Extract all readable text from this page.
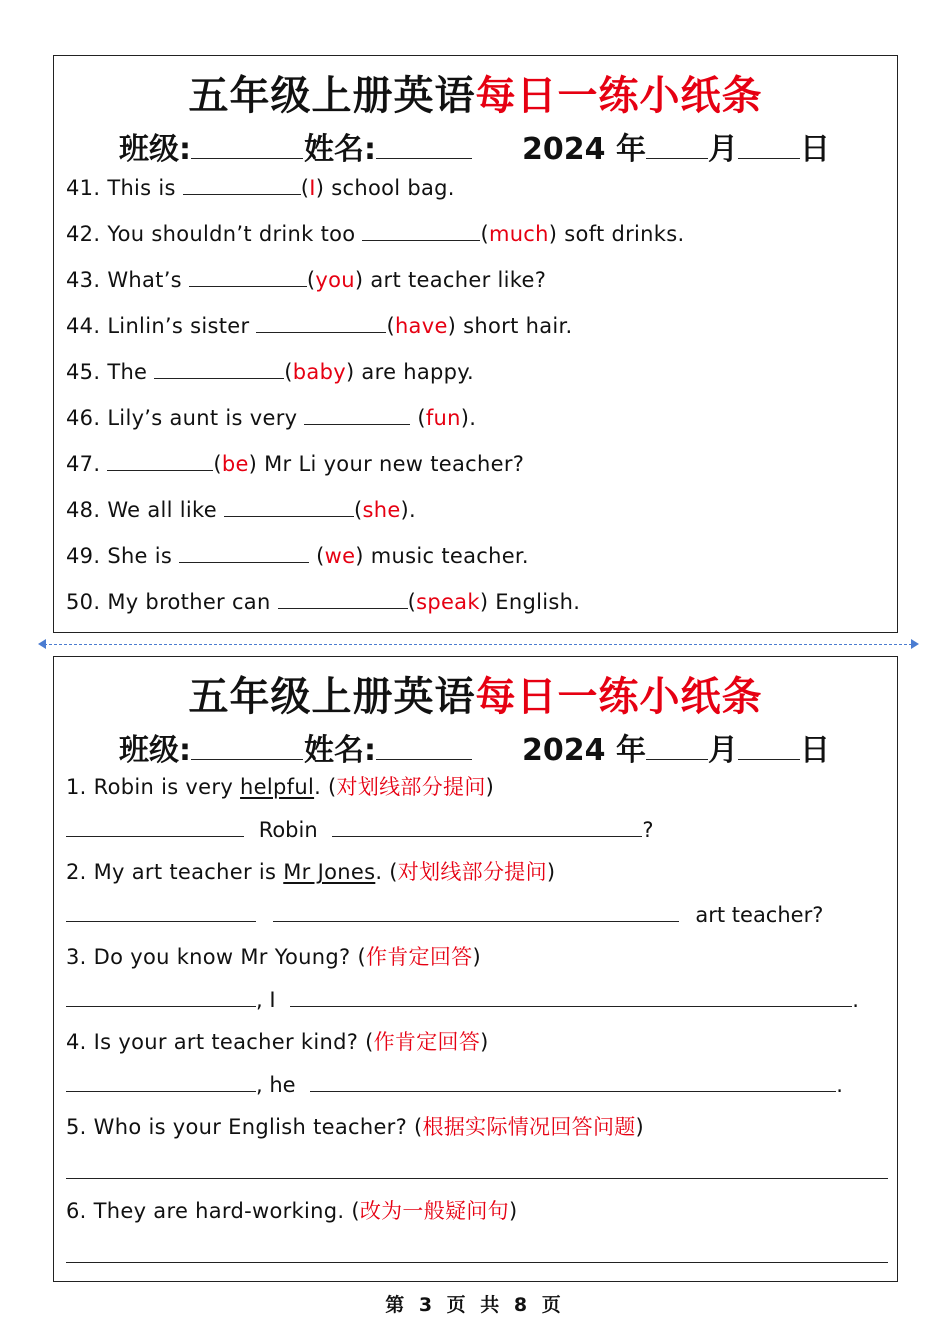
五年级上册英语每日一练小纸条
班级:	姓名:	2024 年 月 日
41. This is	(I) school bag.
42. You shouldn’t drink too	(much) soft drinks.
43. What’s	(you) art teacher like?
44. Linlin’s sister	(have) short hair.
45. The	(baby) are happy.
46. Lily’s aunt is very	(fun).
47.	(be) Mr Li your new teacher?
48. We all like	(she).
49. She is	(we) music teacher.
50. My brother can	(speak) English.
五年级上册英语每日一练小纸条
班级:	姓名:	2024 年 月 日
1. Robin is very helpful. (对划线部分提问)
Robin	?
2. My art teacher is Mr Jones. (对划线部分提问)
art teacher?
3. Do you know Mr Young? (作肯定回答)
, I	.
4. Is your art teacher kind? (作肯定回答)
, he	.
5. Who is your English teacher? (根据实际情况回答问题)
6. They are hard-working. (改为一般疑问句)
第 3 页 共 8 页
